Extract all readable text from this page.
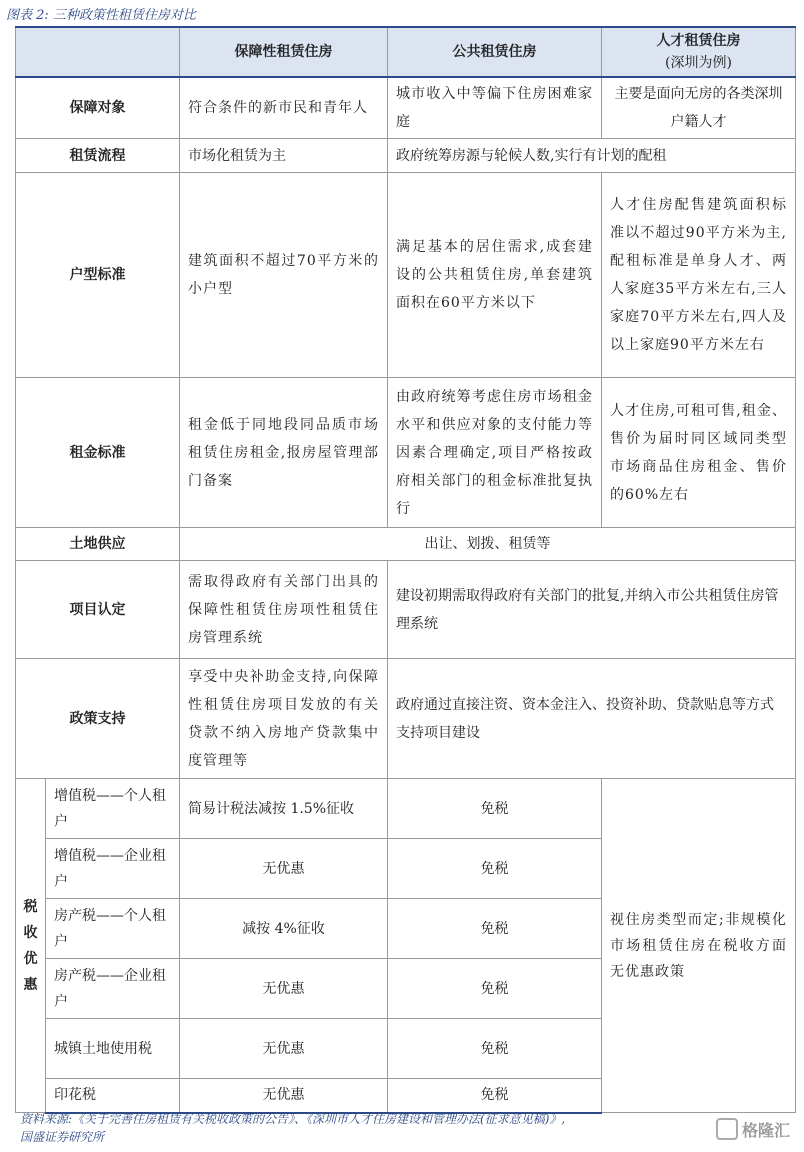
图表 2: 三种政策性租赁住房对比
		保障性租赁住房	公共租赁住房	人才租赁住房
(深圳为例)

保障对象		符合条件的新市民和青年人	城市收入中等偏下住房困难家庭	主要是面向无房的各类深圳户籍人才
租赁流程		市场化租赁为主	政府统筹房源与轮候人数,实行有计划的配租	
户型标准		建筑面积不超过70平方米的小户型	满足基本的居住需求,成套建设的公共租赁住房,单套建筑面积在60平方米以下	人才住房配售建筑面积标准以不超过90平方米为主,配租标准是单身人才、两人家庭35平方米左右,三人家庭70平方米左右,四人及以上家庭90平方米左右
租金标准		租金低于同地段同品质市场租赁住房租金,报房屋管理部门备案	由政府统筹考虑住房市场租金水平和供应对象的支付能力等因素合理确定,项目严格按政府相关部门的租金标准批复执行	人才住房,可租可售,租金、售价为届时同区域同类型市场商品住房租金、售价的60%左右
土地供应		出让、划拨、租赁等		
项目认定		需取得政府有关部门出具的保障性租赁住房项性租赁住房管理系统	建设初期需取得政府有关部门的批复,并纳入市公共租赁住房管理系统	
政策支持		享受中央补助金支持,向保障性租赁住房项目发放的有关贷款不纳入房地产贷款集中度管理等	政府通过直接注资、资本金注入、投资补助、贷款贴息等方式支持项目建设	

税
收
优
惠	增值税——个人租户	简易计税法减按 1.5%征收	免税	视住房类型而定;非规模化市场租赁住房在税收方面无优惠政策
	增值税——企业租户	无优惠	免税	
	房产税——个人租户	减按 4%征收	免税	
	房产税——企业租户	无优惠	免税	
	城镇土地使用税	无优惠	免税	
	印花税	无优惠	免税	
资料来源:《关于完善住房租赁有关税收政策的公告》、《深圳市人才住房建设和管理办法(征求意见稿)》,
国盛证券研究所	格隆汇
